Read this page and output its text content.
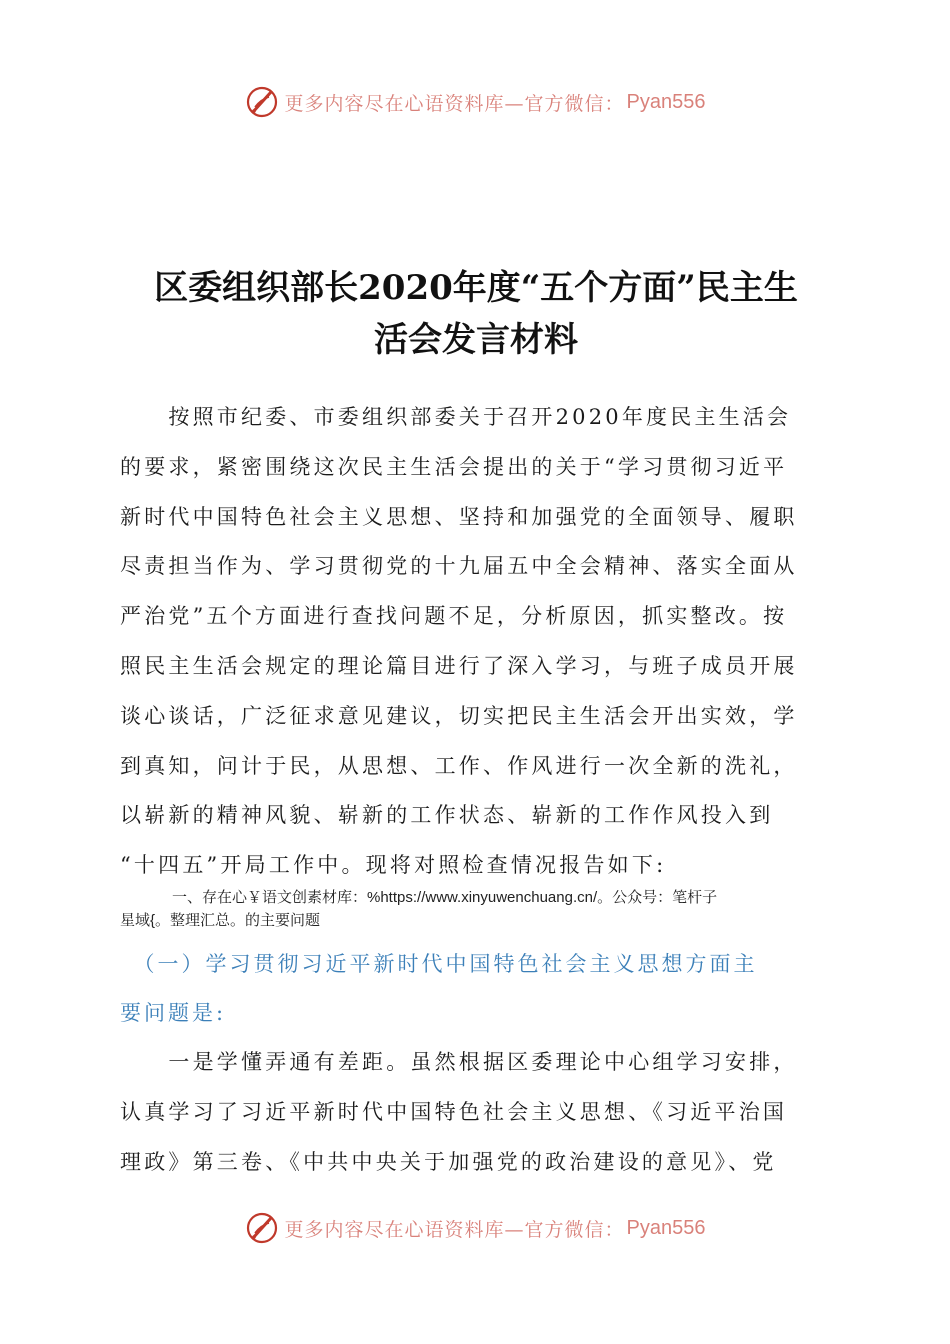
更多内容尽在心语资料库—官方微信： Pyan556
区委组织部长2020年度“五个方面”民主生
活会发言材料
　　按照市纪委、市委组织部委关于召开2020年度民主生活会
的要求，紧密围绕这次民主生活会提出的关于“学习贯彻习近平
新时代中国特色社会主义思想、坚持和加强党的全面领导、履职
尽责担当作为、学习贯彻党的十九届五中全会精神、落实全面从
严治党”五个方面进行查找问题不足，分析原因，抓实整改。按
照民主生活会规定的理论篇目进行了深入学习，与班子成员开展
谈心谈话，广泛征求意见建议，切实把民主生活会开出实效，学
到真知，问计于民，从思想、工作、作风进行一次全新的洗礼，
以崭新的精神风貌、崭新的工作状态、崭新的工作作风投入到
“十四五”开局工作中。现将对照检查情况报告如下:
一、存在心￥语文创素材库：%https://www.xinyuwenchuang.cn/。公众号：笔杆子
星域{。整理汇总。的主要问题
　（一）学习贯彻习近平新时代中国特色社会主义思想方面主
要问题是:
　　一是学懂弄通有差距。虽然根据区委理论中心组学习安排，
认真学习了习近平新时代中国特色社会主义思想、《习近平治国
理政》第三卷、《中共中央关于加强党的政治建设的意见》、党
更多内容尽在心语资料库—官方微信： Pyan556
